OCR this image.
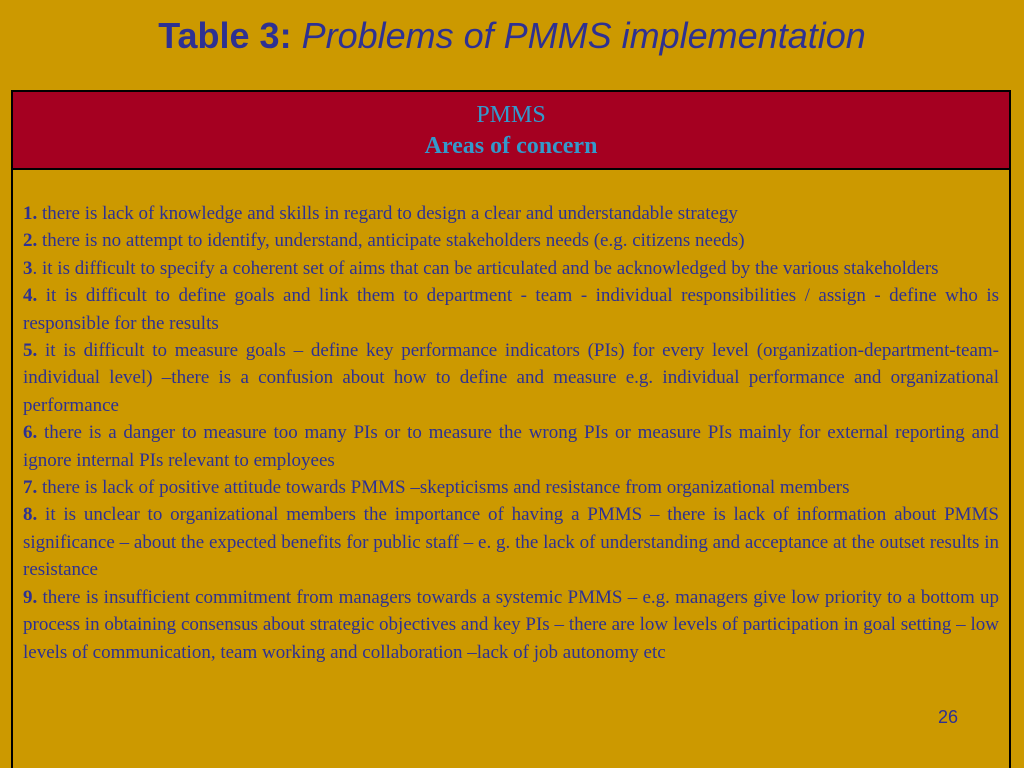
Table 3: Problems of PMMS implementation
PMMS
Areas of concern
1. there is lack of knowledge and skills in regard to design a clear and understandable strategy
2. there is no attempt to identify, understand, anticipate stakeholders needs (e.g. citizens needs)
3. it is difficult to specify a coherent set of aims that can be articulated and be acknowledged by the various stakeholders
4. it is difficult to define goals and link them to department - team - individual responsibilities / assign - define who is responsible for the results
5. it is difficult to measure goals – define key performance indicators (PIs) for every level (organization-department-team-individual level) –there is a confusion about how to define and measure e.g. individual performance and organizational performance
6. there is a danger to measure too many PIs or to measure the wrong PIs or measure PIs mainly for external reporting and ignore internal PIs relevant to employees
7. there is lack of positive attitude towards PMMS –skepticisms and resistance from organizational members
8. it is unclear to organizational members the importance of having a PMMS – there is lack of information about PMMS significance – about the expected benefits for public staff – e. g. the lack of understanding and acceptance at the outset results in resistance
9. there is insufficient commitment from managers towards a systemic PMMS – e.g. managers give low priority to a bottom up process in obtaining consensus about strategic objectives and key PIs – there are low levels of participation in goal setting – low levels of communication, team working and collaboration –lack of job autonomy etc
26
